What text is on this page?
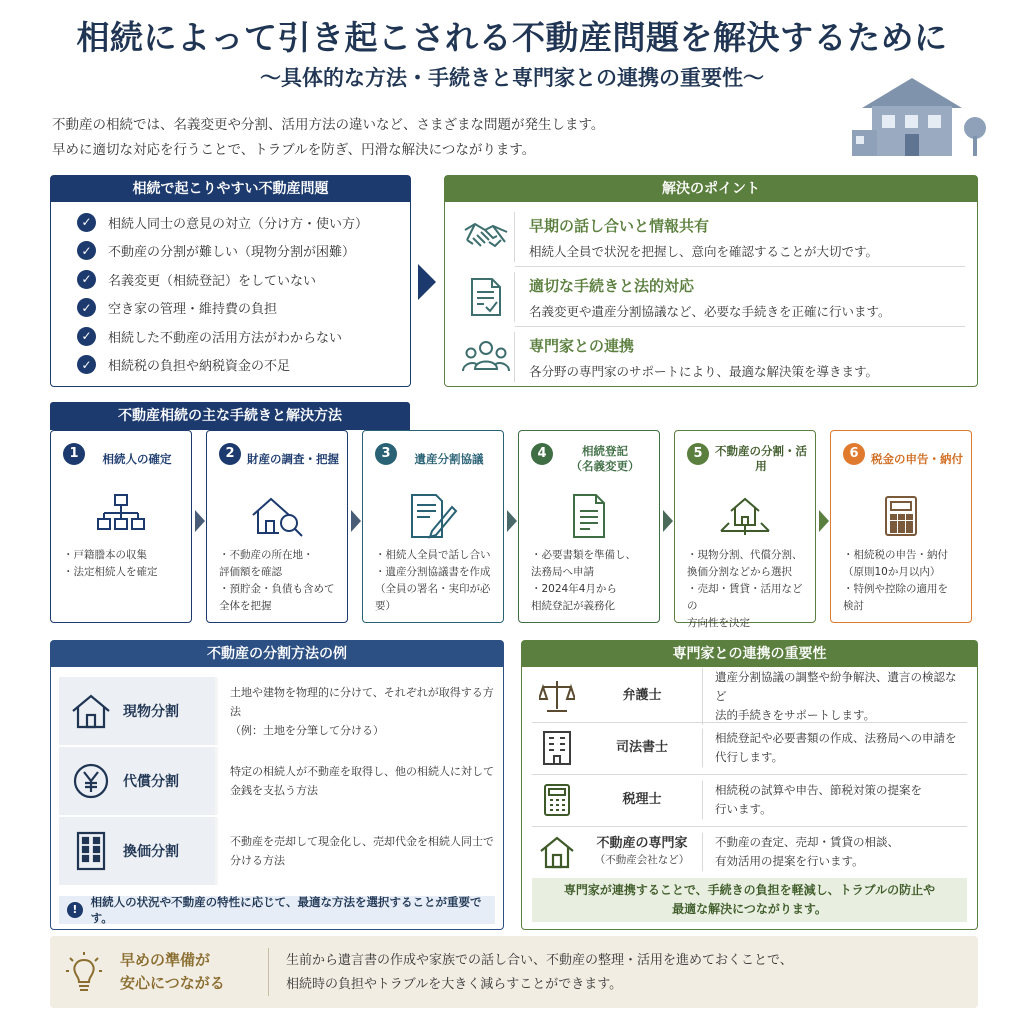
相続によって引き起こされる不動産問題を解決するために
〜具体的な方法・手続きと専門家との連携の重要性〜
不動産の相続では、名義変更や分割、活用方法の違いなど、さまざまな問題が発生します。
早めに適切な対応を行うことで、トラブルを防ぎ、円滑な解決につながります。
相続で起こりやすい不動産問題
✓	相続人同士の意見の対立（分け方・使い方）
✓	不動産の分割が難しい（現物分割が困難）
✓	名義変更（相続登記）をしていない
✓	空き家の管理・維持費の負担
✓	相続した不動産の活用方法がわからない
✓	相続税の負担や納税資金の不足
解決のポイント
早期の話し合いと情報共有
相続人全員で状況を把握し、意向を確認することが大切です。
適切な手続きと法的対応
名義変更や遺産分割協議など、必要な手続きを正確に行います。
専門家との連携
各分野の専門家のサポートにより、最適な解決策を導きます。
不動産相続の主な手続きと解決方法
1	相続人の確定
・戸籍謄本の収集
・法定相続人を確定
2	財産の調査・把握
・不動産の所在地・
評価額を確認
・預貯金・負債も含めて
全体を把握
3	遺産分割協議
・相続人全員で話し合い
・遺産分割協議書を作成
（全員の署名・実印が必要）
4	相続登記
（名義変更）
・必要書類を準備し、
法務局へ申請
・2024年4月から
相続登記が義務化
5	不動産の分割・活用
・現物分割、代償分割、
換価分割などから選択
・売却・賃貸・活用などの
方向性を決定
6	税金の申告・納付
・相続税の申告・納付
（原則10か月以内）
・特例や控除の適用を
検討
不動産の分割方法の例
現物分割
土地や建物を物理的に分けて、それぞれが取得する方法
（例：土地を分筆して分ける）
代償分割
特定の相続人が不動産を取得し、他の相続人に対して
金銭を支払う方法
換価分割
不動産を売却して現金化し、売却代金を相続人同士で
分ける方法
!
相続人の状況や不動産の特性に応じて、最適な方法を選択することが重要です。
専門家との連携の重要性
弁護士
遺産分割協議の調整や紛争解決、遺言の検認など
法的手続きをサポートします。
司法書士
相続登記や必要書類の作成、法務局への申請を
代行します。
税理士
相続税の試算や申告、節税対策の提案を
行います。
不動産の専門家
（不動産会社など）
不動産の査定、売却・賃貸の相談、
有効活用の提案を行います。
専門家が連携することで、手続きの負担を軽減し、トラブルの防止や
最適な解決につながります。
早めの準備が
安心につながる
生前から遺言書の作成や家族での話し合い、不動産の整理・活用を進めておくことで、
相続時の負担やトラブルを大きく減らすことができます。
